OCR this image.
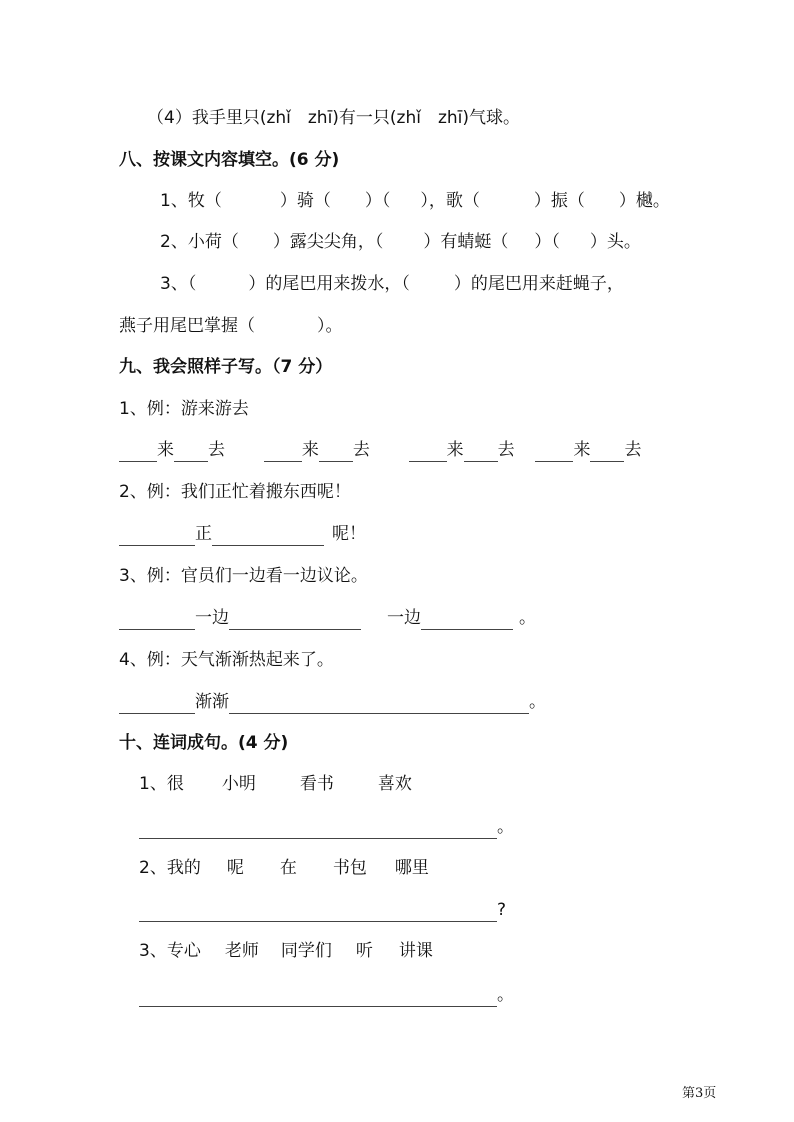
（4）我手里只(zhǐ　zhī)有一只(zhǐ　zhī)气球。
八、按课文内容填空。(6 分)
1、牧（	）骑（ ）（ ），歌（	）振（ ）樾。
2、小荷（ ）露尖尖角，（ ）有蜻蜓（ ）（ ）头。
3、（	）的尾巴用来拨水，（	）的尾巴用来赶蝇子，
燕子用尾巴掌握（	）。
九、我会照样子写。（7 分）
1、例：游来游去
来 去	来 去	来 去	来 去
2、例：我们正忙着搬东西呢！
正	呢！
3、例：官员们一边看一边议论。
一边	一边	。
4、例：天气渐渐热起来了。
渐渐	。
十、连词成句。(4 分)
1、很 小明	看书	喜欢
。
2、我的 呢 在 书包 哪里
?
3、专心 老师 同学们 听 讲课
。
第3页
